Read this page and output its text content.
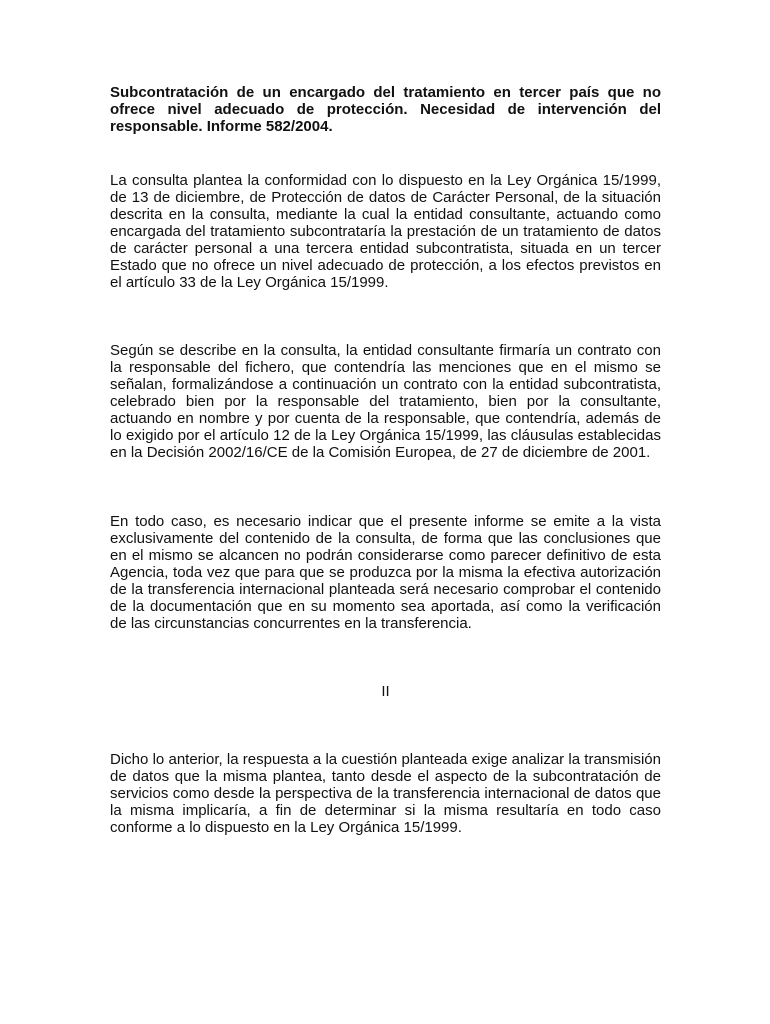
Subcontratación de un encargado del tratamiento en tercer país que no ofrece nivel adecuado de protección. Necesidad de intervención del responsable. Informe 582/2004.

La consulta plantea la conformidad con lo dispuesto en la Ley Orgánica 15/1999, de 13 de diciembre, de Protección de datos de Carácter Personal, de la situación descrita en la consulta, mediante la cual la entidad consultante, actuando como encargada del tratamiento subcontrataría la prestación de un tratamiento de datos de carácter personal a una tercera entidad subcontratista, situada en un tercer Estado que no ofrece un nivel adecuado de protección, a los efectos previstos en el artículo 33 de la Ley Orgánica 15/1999.

Según se describe en la consulta, la entidad consultante firmaría un contrato con la responsable del fichero, que contendría las menciones que en el mismo se señalan, formalizándose a continuación un contrato con la entidad subcontratista, celebrado bien por la responsable del tratamiento, bien por la consultante, actuando en nombre y por cuenta de la responsable, que contendría, además de lo exigido por el artículo 12 de la Ley Orgánica 15/1999, las cláusulas establecidas en la Decisión 2002/16/CE de la Comisión Europea, de 27 de diciembre de 2001.

En todo caso, es necesario indicar que el presente informe se emite a la vista exclusivamente del contenido de la consulta, de forma que las conclusiones que en el mismo se alcancen no podrán considerarse como parecer definitivo de esta Agencia, toda vez que para que se produzca por la misma la efectiva autorización de la transferencia internacional planteada será necesario comprobar el contenido de la documentación que en su momento sea aportada, así como la verificación de las circunstancias concurrentes en la transferencia.

II

Dicho lo anterior, la respuesta a la cuestión planteada exige analizar la transmisión de datos que la misma plantea, tanto desde el aspecto de la subcontratación de servicios como desde la perspectiva de la transferencia internacional de datos que la misma implicaría, a fin de determinar si la misma resultaría en todo caso conforme a lo dispuesto en la Ley Orgánica 15/1999.
